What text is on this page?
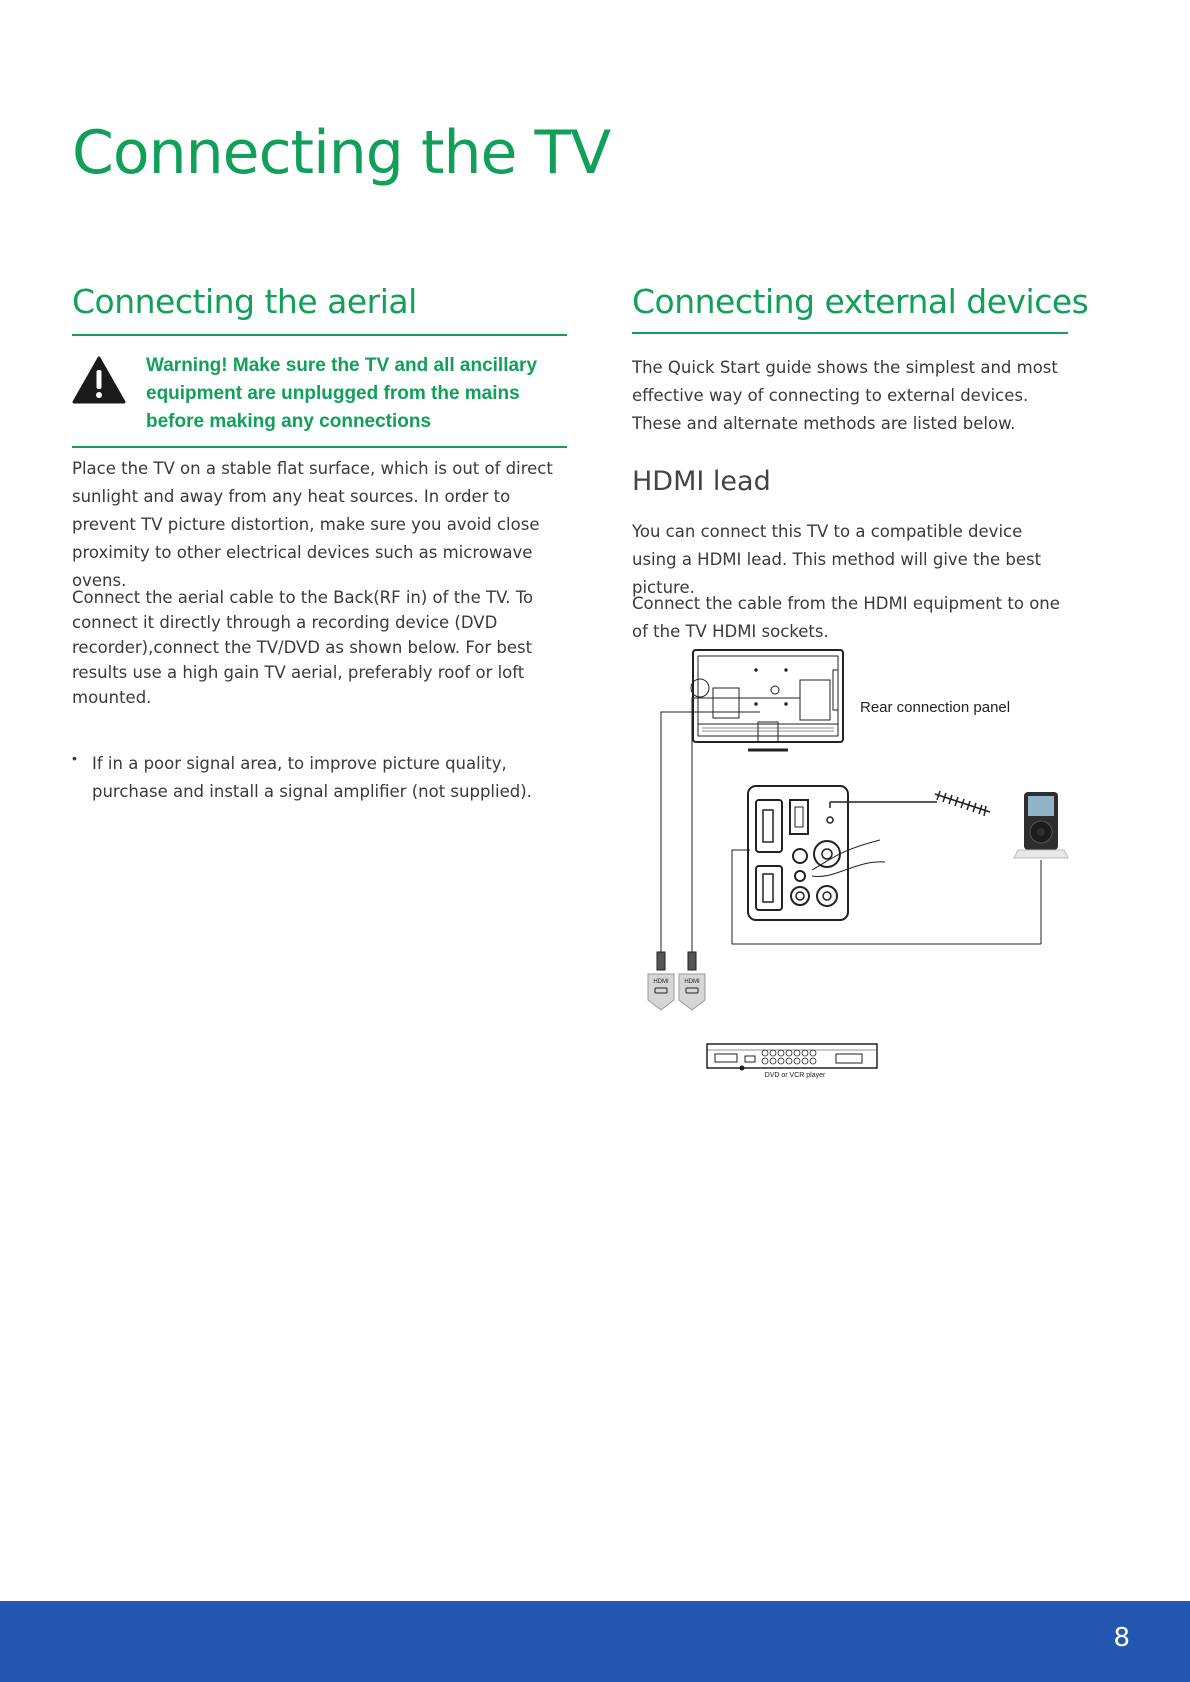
Connecting the TV
Connecting the aerial

Warning! Make sure the TV and all ancillary equipment are unplugged from the mains before making any connections

Place the TV on a stable flat surface, which is out of direct sunlight and away from any heat sources. In order to prevent TV picture distortion, make sure you avoid close proximity to other electrical devices such as microwave ovens.

Connect the aerial cable to the Back(RF in) of the TV. To connect it directly through a recording device (DVD recorder),connect the TV/DVD as shown below. For best results use a high gain TV aerial, preferably roof or loft mounted.

• If in a poor signal area, to improve picture quality, purchase and install a signal amplifier (not supplied).

Connecting external devices

The Quick Start guide shows the simplest and most effective way of connecting to external devices. These and alternate methods are listed below.

HDMI lead

You can connect this TV to a compatible device using a HDMI lead. This method will give the best picture.

Connect the cable from the HDMI equipment to one of the TV HDMI sockets.

Rear connection panel
HDMI	HDMI
DVD or VCR player
8
